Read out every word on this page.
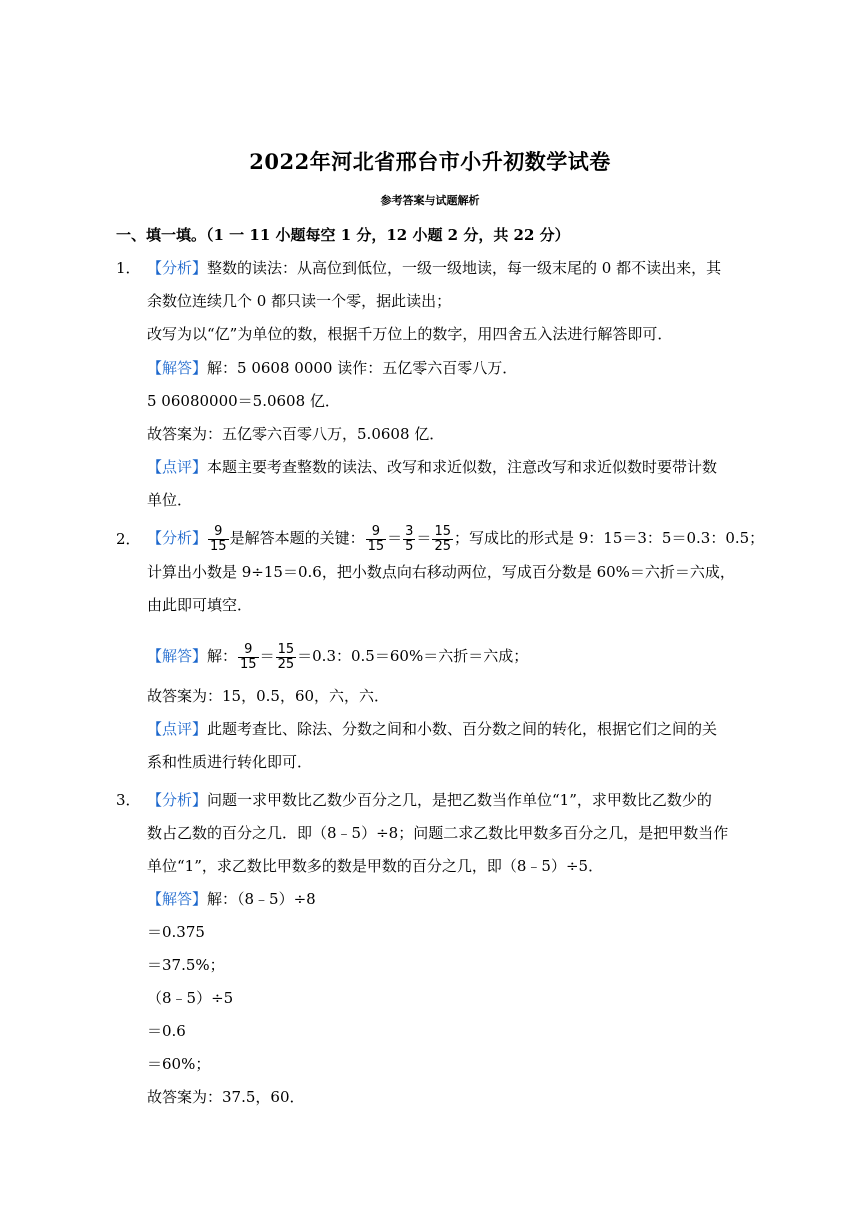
2022年河北省邢台市小升初数学试卷
参考答案与试题解析
一、填一填。（1 一 11 小题每空 1 分，12 小题 2 分，共 22 分）
1． 【分析】整数的读法：从高位到低位，一级一级地读，每一级末尾的 0 都不读出来，其
余数位连续几个 0 都只读一个零，据此读出；
改写为以“亿”为单位的数，根据千万位上的数字，用四舍五入法进行解答即可．
【解答】解：5 0608 0000 读作：五亿零六百零八万．
5 06080000＝5.0608 亿．
故答案为：五亿零六百零八万，5.0608 亿．
【点评】本题主要考查整数的读法、改写和求近似数，注意改写和求近似数时要带计数
单位．
2． 【分析】 $\frac{9}{15}$ 是解答本题的关键： $\frac{9}{15} = \frac{3}{5} = \frac{15}{25}$ ；写成比的形式是 9：15＝3：5＝0.3：0.5；
计算出小数是 9÷15＝0.6，把小数点向右移动两位，写成百分数是 60%＝六折＝六成，
由此即可填空．
【解答】解： $\frac{9}{15} = \frac{15}{25} =0.3$：0.5＝60%＝六折＝六成；
故答案为：15，0.5，60，六，六．
【点评】此题考查比、除法、分数之间和小数、百分数之间的转化，根据它们之间的关
系和性质进行转化即可．
3． 【分析】问题一求甲数比乙数少百分之几，是把乙数当作单位“1”，求甲数比乙数少的
数占乙数的百分之几．即（8﹣5）÷8；问题二求乙数比甲数多百分之几，是把甲数当作
单位“1”，求乙数比甲数多的数是甲数的百分之几，即（8﹣5）÷5．
【解答】解：（8﹣5）÷8
＝0.375
＝37.5%；
（8﹣5）÷5
＝0.6
＝60%；
故答案为：37.5，60．
